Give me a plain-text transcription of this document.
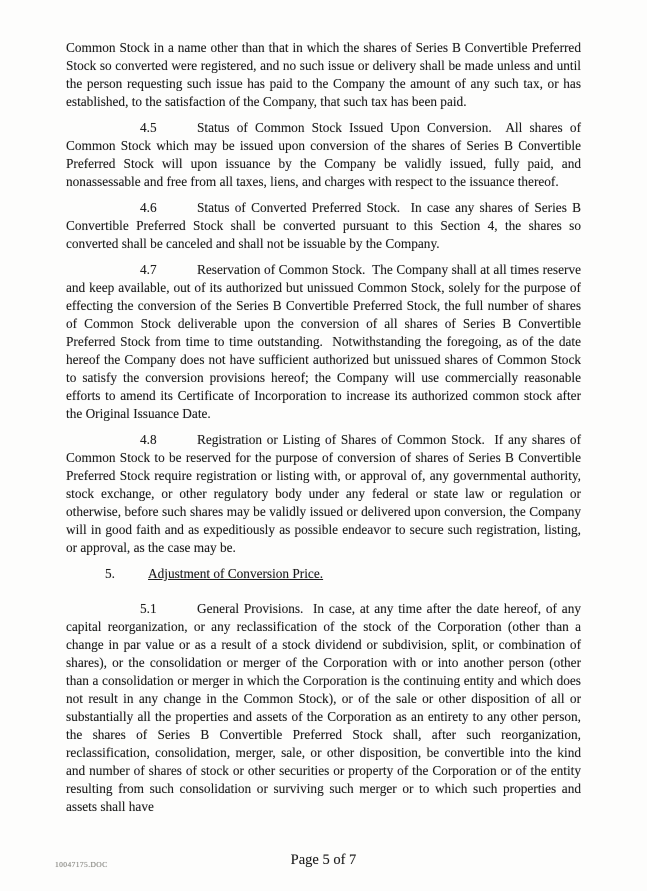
Common Stock in a name other than that in which the shares of Series B Convertible Preferred Stock so converted were registered, and no such issue or delivery shall be made unless and until the person requesting such issue has paid to the Company the amount of any such tax, or has established, to the satisfaction of the Company, that such tax has been paid.

4.5	Status of Common Stock Issued Upon Conversion.  All shares of Common Stock which may be issued upon conversion of the shares of Series B Convertible Preferred Stock will upon issuance by the Company be validly issued, fully paid, and nonassessable and free from all taxes, liens, and charges with respect to the issuance thereof.

4.6	Status of Converted Preferred Stock.  In case any shares of Series B Convertible Preferred Stock shall be converted pursuant to this Section 4, the shares so converted shall be canceled and shall not be issuable by the Company.

4.7	Reservation of Common Stock.  The Company shall at all times reserve and keep available, out of its authorized but unissued Common Stock, solely for the purpose of effecting the conversion of the Series B Convertible Preferred Stock, the full number of shares of Common Stock deliverable upon the conversion of all shares of Series B Convertible Preferred Stock from time to time outstanding.  Notwithstanding the foregoing, as of the date hereof the Company does not have sufficient authorized but unissued shares of Common Stock to satisfy the conversion provisions hereof; the Company will use commercially reasonable efforts to amend its Certificate of Incorporation to increase its authorized common stock after the Original Issuance Date.

4.8	Registration or Listing of Shares of Common Stock.  If any shares of Common Stock to be reserved for the purpose of conversion of shares of Series B Convertible Preferred Stock require registration or listing with, or approval of, any governmental authority, stock exchange, or other regulatory body under any federal or state law or regulation or otherwise, before such shares may be validly issued or delivered upon conversion, the Company will in good faith and as expeditiously as possible endeavor to secure such registration, listing, or approval, as the case may be.

5. Adjustment of Conversion Price.

5.1	General Provisions.  In case, at any time after the date hereof, of any capital reorganization, or any reclassification of the stock of the Corporation (other than a change in par value or as a result of a stock dividend or subdivision, split, or combination of shares), or the consolidation or merger of the Corporation with or into another person (other than a consolidation or merger in which the Corporation is the continuing entity and which does not result in any change in the Common Stock), or of the sale or other disposition of all or substantially all the properties and assets of the Corporation as an entirety to any other person, the shares of Series B Convertible Preferred Stock shall, after such reorganization, reclassification, consolidation, merger, sale, or other disposition, be convertible into the kind and number of shares of stock or other securities or property of the Corporation or of the entity resulting from such consolidation or surviving such merger or to which such properties and assets shall have

10047175.DOC	Page 5 of 7
